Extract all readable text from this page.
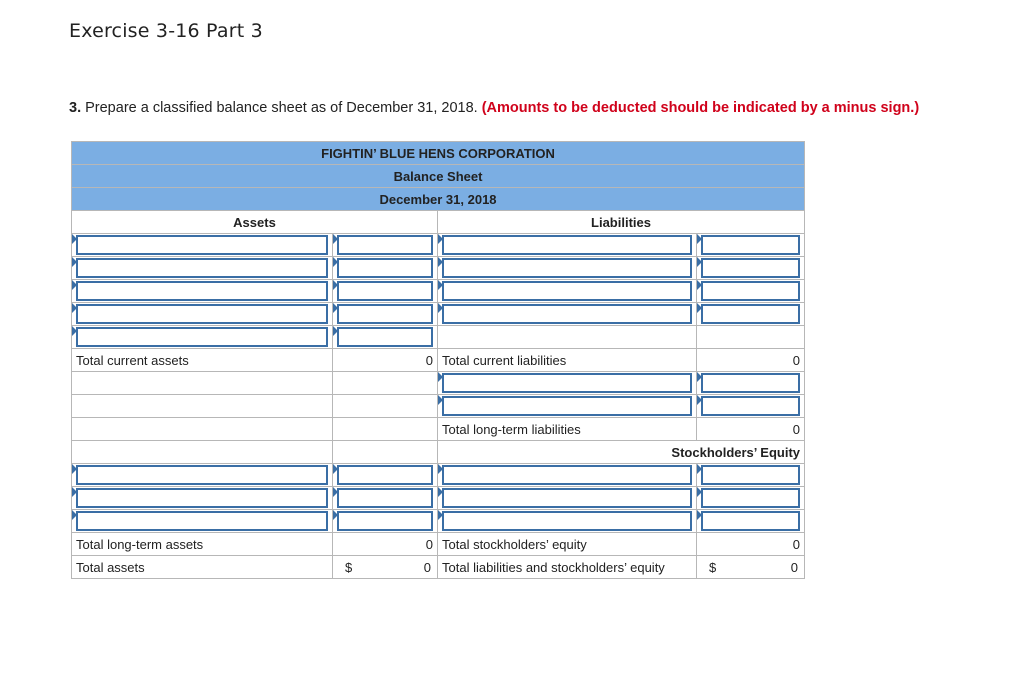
Exercise 3-16 Part 3
3. Prepare a classified balance sheet as of December 31, 2018. (Amounts to be deducted should be indicated by a minus sign.)
FIGHTIN’ BLUE HENS CORPORATION			
Balance Sheet			
December 31, 2018			
Assets		Liabilities	

Total current assets	0	Total current liabilities	0

		Total long-term liabilities	0
		Stockholders’ Equity	

Total long-term assets	0	Total stockholders’ equity	0
Total assets	$ 0	Total liabilities and stockholders’ equity	$ 0
